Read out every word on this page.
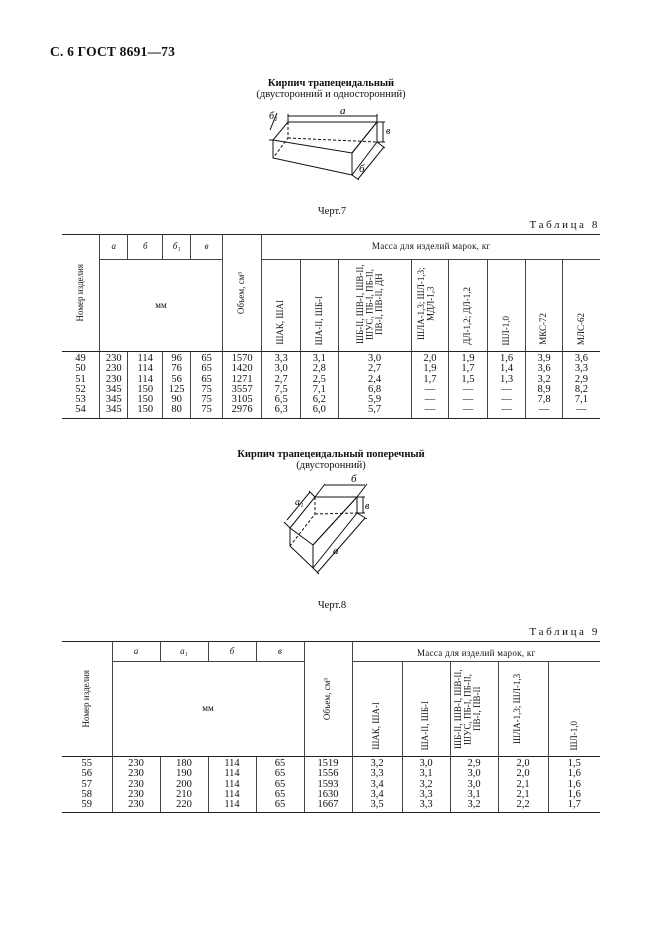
С. 6 ГОСТ 8691—73
Кирпич трапецеидальный
(двусторонний и односторонний)
а
б₁
в
б
Черт.7
Таблица 8
Номер изделия	а	б	б₁	в	Объем, см³	Масса для изделий марок, кг							
	мм					ШАК, ШАI	ША-II, ШБ-I	ШБ-II, ШВ-I, ШВ-II, ШУС, ПБ-I, ПБ-II, ПВ-I, ПВ-II, ДН	ШЛА-1,3; ШЛ-1,3; МДЛ-1,3	ДЛ-1,2; ДЛ-1,2	ШЛ-1,0	МКС-72	МЛС-62

49	230	114	96	65	1570	3,3	3,1	3,0	2,0	1,9	1,6	3,9	3,6
50	230	114	76	65	1420	3,0	2,8	2,7	1,9	1,7	1,4	3,6	3,3
51	230	114	56	65	1271	2,7	2,5	2,4	1,7	1,5	1,3	3,2	2,9
52	345	150	125	75	3557	7,5	7,1	6,8	—	—	—	8,9	8,2
53	345	150	90	75	3105	6,5	6,2	5,9	—	—	—	7,8	7,1
54	345	150	80	75	2976	6,3	6,0	5,7	—	—	—	—	—
Кирпич трапецеидальный поперечный
(двусторонний)
а₁
б
в
а
Черт.8
Таблица 9
Номер изделия	а	а₁	б	в	Объем, см³	Масса для изделий марок, кг				
	мм					ШАК, ША-I	ША-II, ШБ-I	ШБ-II, ШВ-I, ШВ-II, ШУС, ПБ-I, ПБ-II, ПВ-I, ПВ-II	ШЛА-1,3; ШЛ-1,3	ШЛ-1,0

55	230	180	114	65	1519	3,2	3,0	2,9	2,0	1,5
56	230	190	114	65	1556	3,3	3,1	3,0	2,0	1,6
57	230	200	114	65	1593	3,4	3,2	3,0	2,1	1,6
58	230	210	114	65	1630	3,4	3,3	3,1	2,1	1,6
59	230	220	114	65	1667	3,5	3,3	3,2	2,2	1,7
